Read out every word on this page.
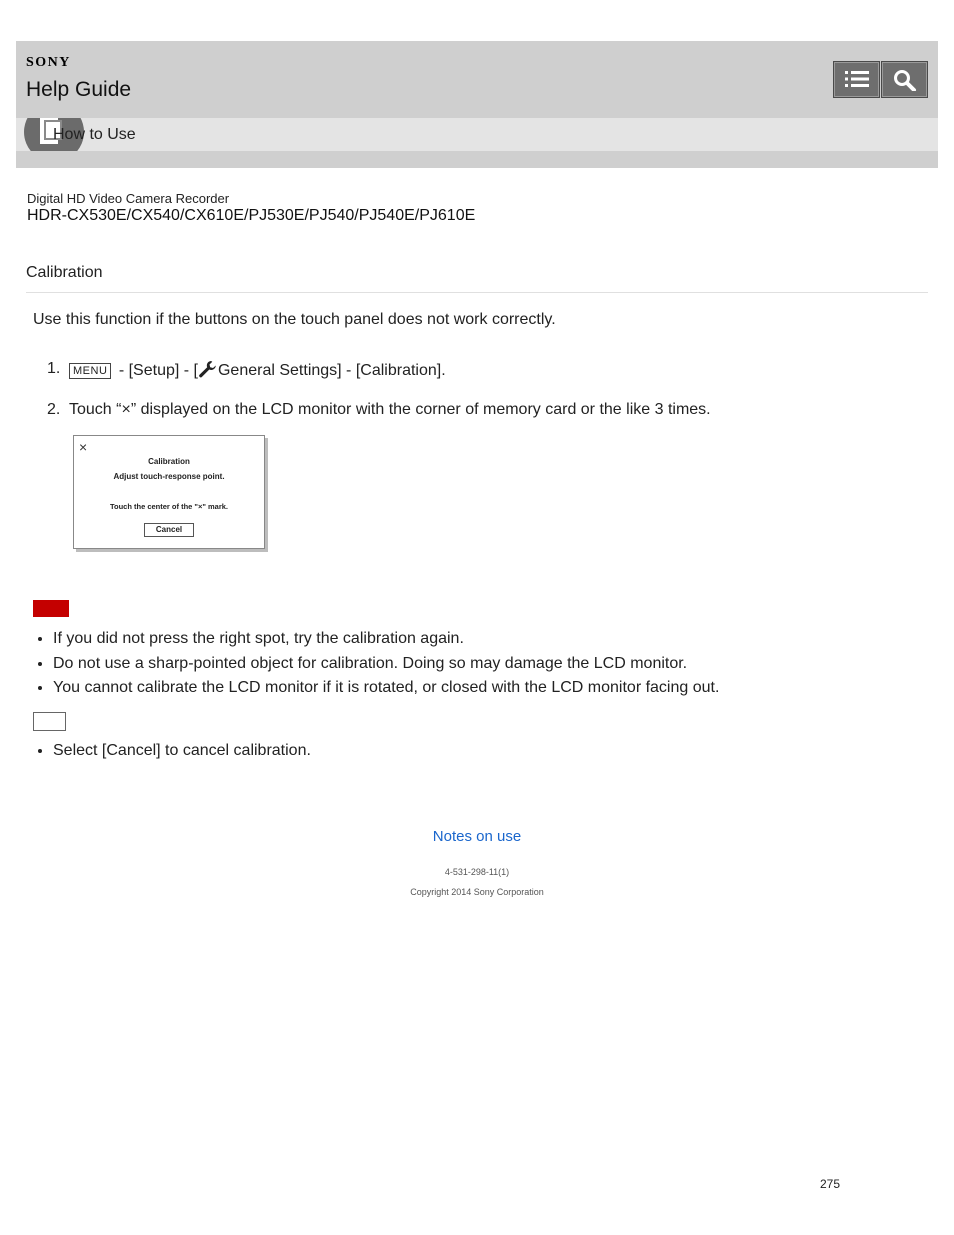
SONY
Help Guide
How to Use
Digital HD Video Camera Recorder
HDR-CX530E/CX540/CX610E/PJ530E/PJ540/PJ540E/PJ610E
Calibration
Use this function if the buttons on the touch panel does not work correctly.
1.	MENU - [Setup] - [ General Settings] - [Calibration].
2. Touch “×” displayed on the LCD monitor with the corner of memory card or the like 3 times.
×
Calibration
Adjust touch-response point.
Touch the center of the "×" mark.
Cancel
• If you did not press the right spot, try the calibration again.
• Do not use a sharp-pointed object for calibration. Doing so may damage the LCD monitor.
• You cannot calibrate the LCD monitor if it is rotated, or closed with the LCD monitor facing out.
• Select [Cancel] to cancel calibration.
Notes on use
4-531-298-11(1)
Copyright 2014 Sony Corporation
275
